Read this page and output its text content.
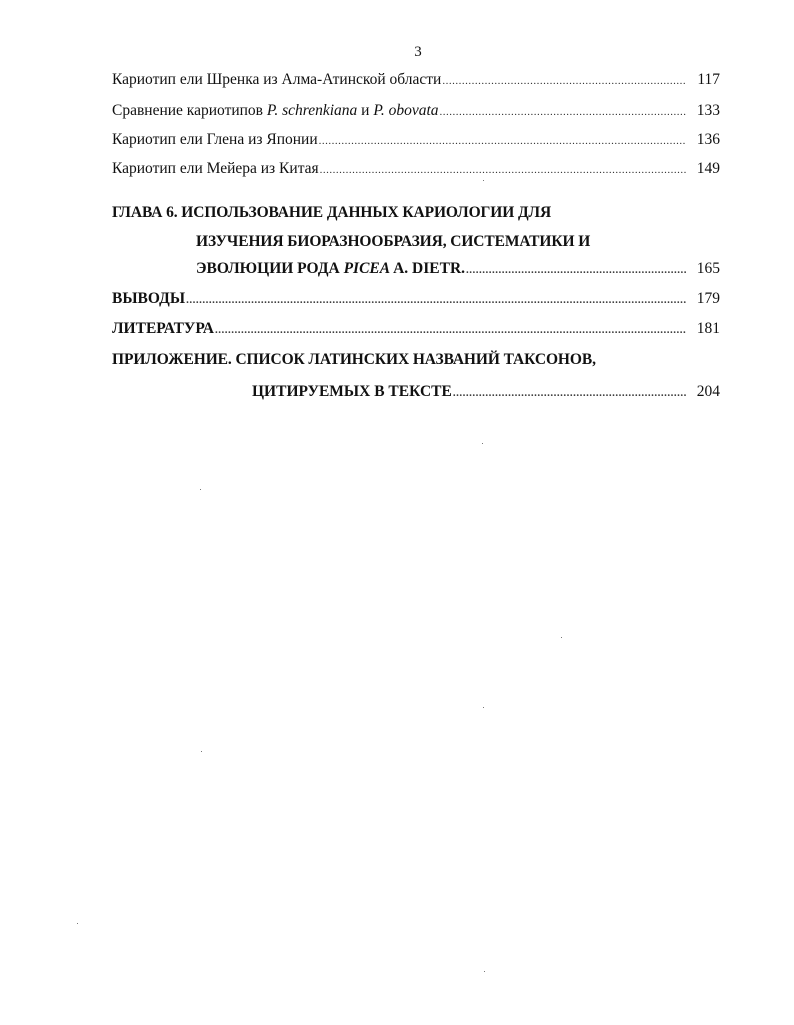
3
Кариотип ели Шренка из Алма-Атинской области .....	117
Сравнение кариотипов P. schrenkiana и P. obovata .....	133
Кариотип ели Глена из Японии .....	136
Кариотип ели Мейера из Китая .....	149
ГЛАВА 6. ИСПОЛЬЗОВАНИЕ ДАННЫХ КАРИОЛОГИИ ДЛЯ
ИЗУЧЕНИЯ БИОРАЗНООБРАЗИЯ, СИСТЕМАТИКИ И
ЭВОЛЮЦИИ РОДА PICEA A. DIETR. .....	165
ВЫВОДЫ .....	179
ЛИТЕРАТУРА .....	181
ПРИЛОЖЕНИЕ. СПИСОК ЛАТИНСКИХ НАЗВАНИЙ ТАКСОНОВ,
ЦИТИРУЕМЫХ В ТЕКСТЕ .....	204
